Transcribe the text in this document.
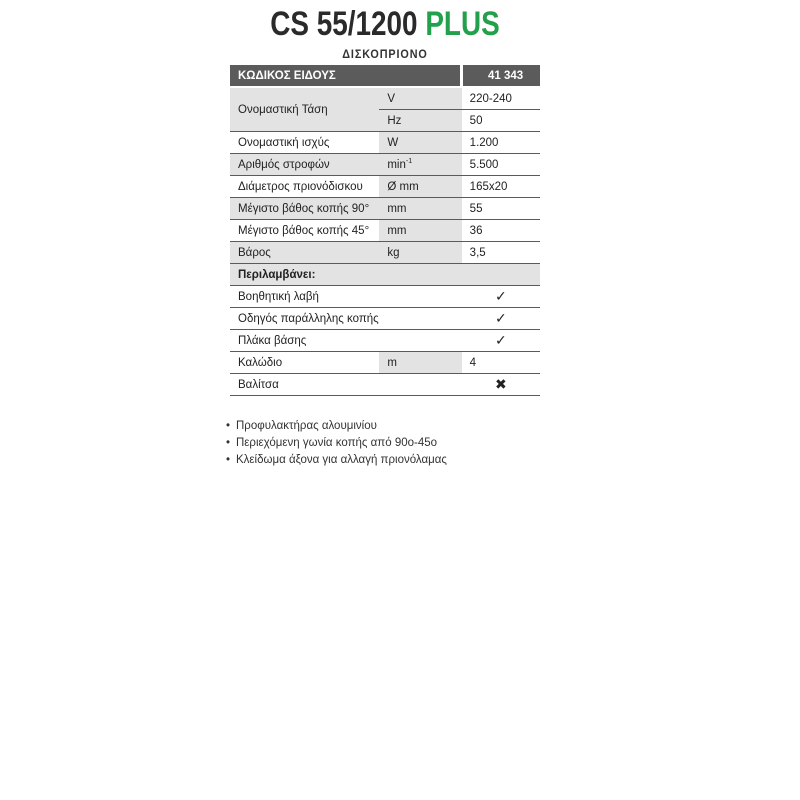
CS 55/1200 PLUS
ΔΙΣΚΟΠΡΙΟΝΟ
ΚΩΔΙΚΟΣ ΕΙΔΟΥΣ		41 343
Ονομαστική Τάση	V	220-240
	Hz	50
Ονομαστική ισχύς	W	1.200
Αριθμός στροφών	$\min^{-1}$	5.500
Διάμετρος πριονόδισκου	Ø mm	165x20
Μέγιστο βάθος κοπής 90°	mm	55
Μέγιστο βάθος κοπής 45°	mm	36
Βάρος	kg	3,5
Περιλαμβάνει:		
Βοηθητική λαβή		✓
Οδηγός παράλληλης κοπής		✓
Πλάκα βάσης		✓
Καλώδιο	m	4
Βαλίτσα		✖
• Προφυλακτήρας αλουμινίου
• Περιεχόμενη γωνία κοπής από 90ο-45ο
• Κλείδωμα άξονα για αλλαγή πριονόλαμας
